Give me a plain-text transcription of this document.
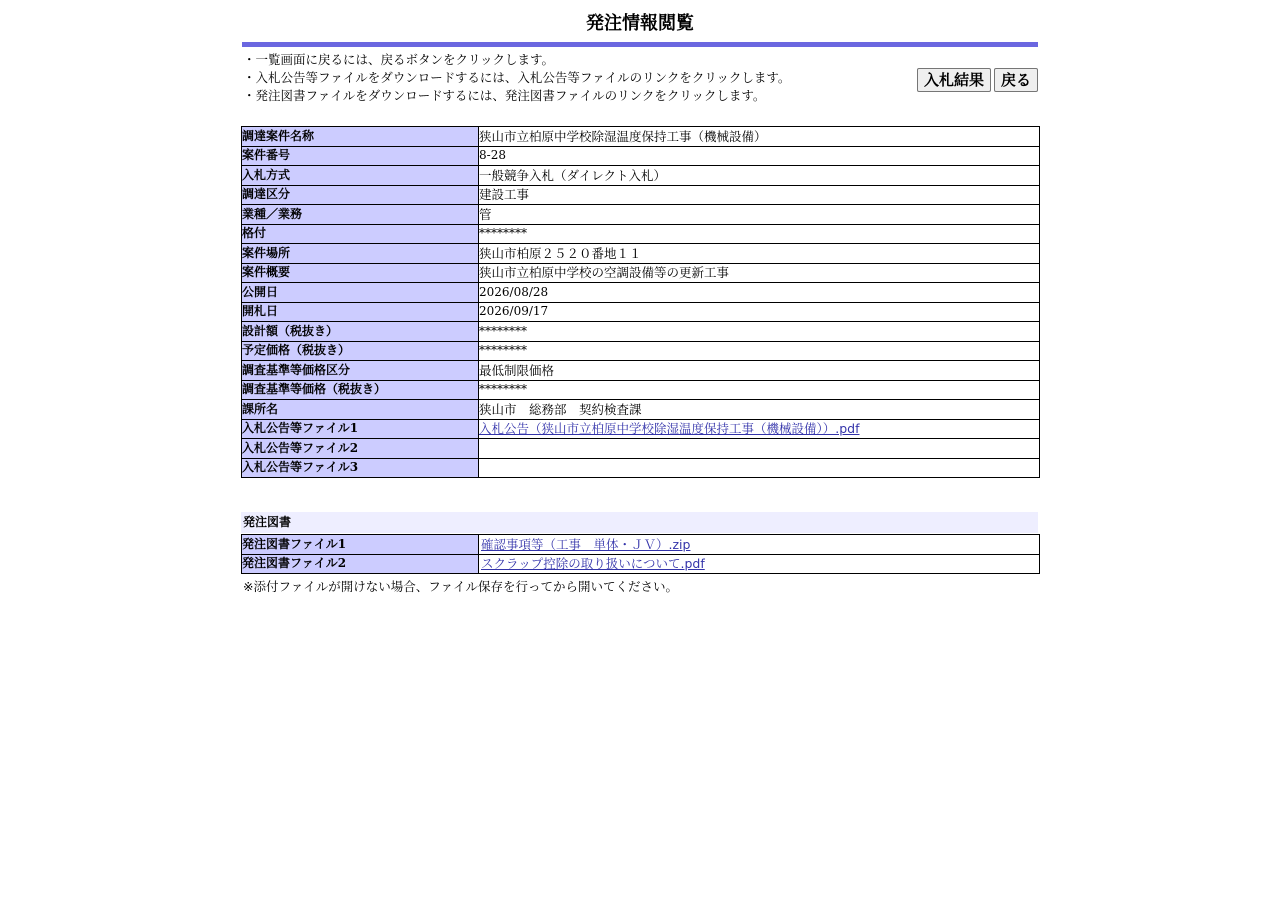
発注情報閲覧
・一覧画面に戻るには、戻るボタンをクリックします。
・入札公告等ファイルをダウンロードするには、入札公告等ファイルのリンクをクリックします。
・発注図書ファイルをダウンロードするには、発注図書ファイルのリンクをクリックします。
入札結果	戻る
調達案件名称	狭山市立柏原中学校除湿温度保持工事（機械設備）
案件番号	8-28
入札方式	一般競争入札（ダイレクト入札）
調達区分	建設工事
業種／業務	管
格付	********
案件場所	狭山市柏原２５２０番地１１
案件概要	狭山市立柏原中学校の空調設備等の更新工事
公開日	2026/08/28
開札日	2026/09/17
設計額（税抜き）	********
予定価格（税抜き）	********
調査基準等価格区分	最低制限価格
調査基準等価格（税抜き）	********
課所名	狭山市　総務部　契約検査課
入札公告等ファイル1	入札公告（狭山市立柏原中学校除湿温度保持工事（機械設備））.pdf
入札公告等ファイル2	
入札公告等ファイル3	
発注図書
発注図書ファイル1	確認事項等（工事　単体・ＪＶ）.zip
発注図書ファイル2	スクラップ控除の取り扱いについて.pdf
※添付ファイルが開けない場合、ファイル保存を行ってから開いてください。
